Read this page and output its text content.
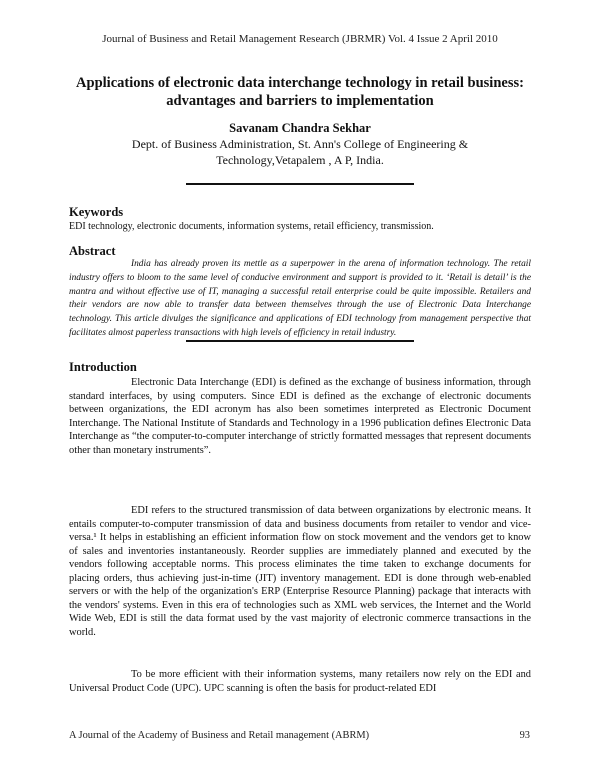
Journal of Business and Retail Management Research (JBRMR) Vol. 4 Issue 2 April 2010
Applications of electronic data interchange technology in retail business: advantages and barriers to implementation
Savanam Chandra Sekhar
Dept. of Business Administration, St. Ann's College of Engineering & Technology,Vetapalem , A P, India.
Keywords
EDI technology, electronic documents, information systems, retail efficiency, transmission.
Abstract
India has already proven its mettle as a superpower in the arena of information technology. The retail industry offers to bloom to the same level of conducive environment and support is provided to it. ‘Retail is detail’ is the mantra and without effective use of IT, managing a successful retail enterprise could be quite impossible. Retailers and their vendors are now able to transfer data between themselves through the use of Electronic Data Interchange technology. This article divulges the significance and applications of EDI technology from management perspective that facilitates almost paperless transactions with high levels of efficiency in retail industry.
Introduction

Electronic Data Interchange (EDI) is defined as the exchange of business information, through standard interfaces, by using computers. Since EDI is defined as the exchange of electronic documents between organizations, the EDI acronym has also been sometimes interpreted as Electronic Document Interchange. The National Institute of Standards and Technology in a 1996 publication defines Electronic Data Interchange as “the computer-to-computer interchange of strictly formatted messages that represent documents other than monetary instruments”.

EDI refers to the structured transmission of data between organizations by electronic means. It entails computer-to-computer transmission of data and business documents from retailer to vendor and vice-versa.¹ It helps in establishing an efficient information flow on stock movement and the vendors get to know of sales and inventories instantaneously. Reorder supplies are immediately planned and executed by the vendors following acceptable norms. This process eliminates the time taken to exchange documents for placing orders, thus achieving just-in-time (JIT) inventory management. EDI is done through web-enabled servers or with the help of the organization's ERP (Enterprise Resource Planning) package that interacts with the vendors' systems. Even in this era of technologies such as XML web services, the Internet and the World Wide Web, EDI is still the data format used by the vast majority of electronic commerce transactions in the world.

To be more efficient with their information systems, many retailers now rely on the EDI and Universal Product Code (UPC). UPC scanning is often the basis for product-related EDI

A Journal of the Academy of Business and Retail management (ABRM)	93
